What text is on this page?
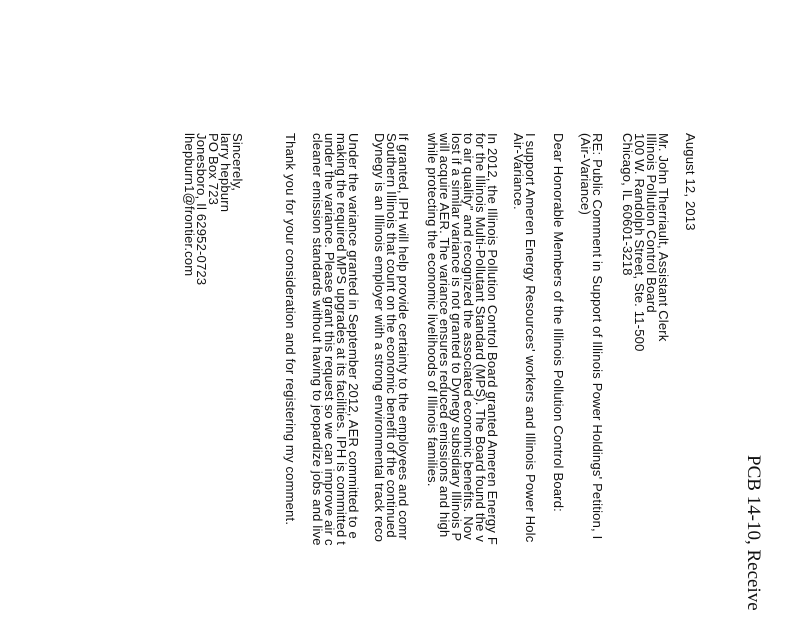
PCB 14-10, Receive
August 12, 2013
Mr. John Therriault, Assistant Clerk
Illinois Pollution Control Board
100 W. Randolph Street, Ste. 11-500
Chicago, IL 60601-3218
RE: Public Comment in Support of Illinois Power Holdings' Petition, I
(Air-Variance)
Dear Honorable Members of the Illinois Pollution Control Board:
I support Ameren Energy Resources' workers and Illinois Power Holc
Air-Variance.
In 2012, the Illinois Pollution Control Board granted Ameren Energy F
for the Illinois Multi-Pollutant Standard (MPS). The Board found the v
to air quality" and recognized the associated economic benefits. Nov
lost if a similar variance is not granted to Dynegy subsidiary Illinois P
will acquire AER. The variance ensures reduced emissions and high
while protecting the economic livelihoods of Illinois families.
If granted, IPH will help provide certainty to the employees and comr
Southern Illinois that count on the economic benefit of the continued
Dynegy is an Illinois employer with a strong environmental track reco
Under the variance granted in September 2012, AER committed to e
making the required MPS upgrades at its facilities. IPH is committed t
under the variance. Please grant this request so we can improve air c
cleaner emission standards without having to jeopardize jobs and live
Thank you for your consideration and for registering my comment.
Sincerely,
larry hepburn
PO Box 723
Jonesboro, Il 62952-0723
lhepburn1@frontier.com
